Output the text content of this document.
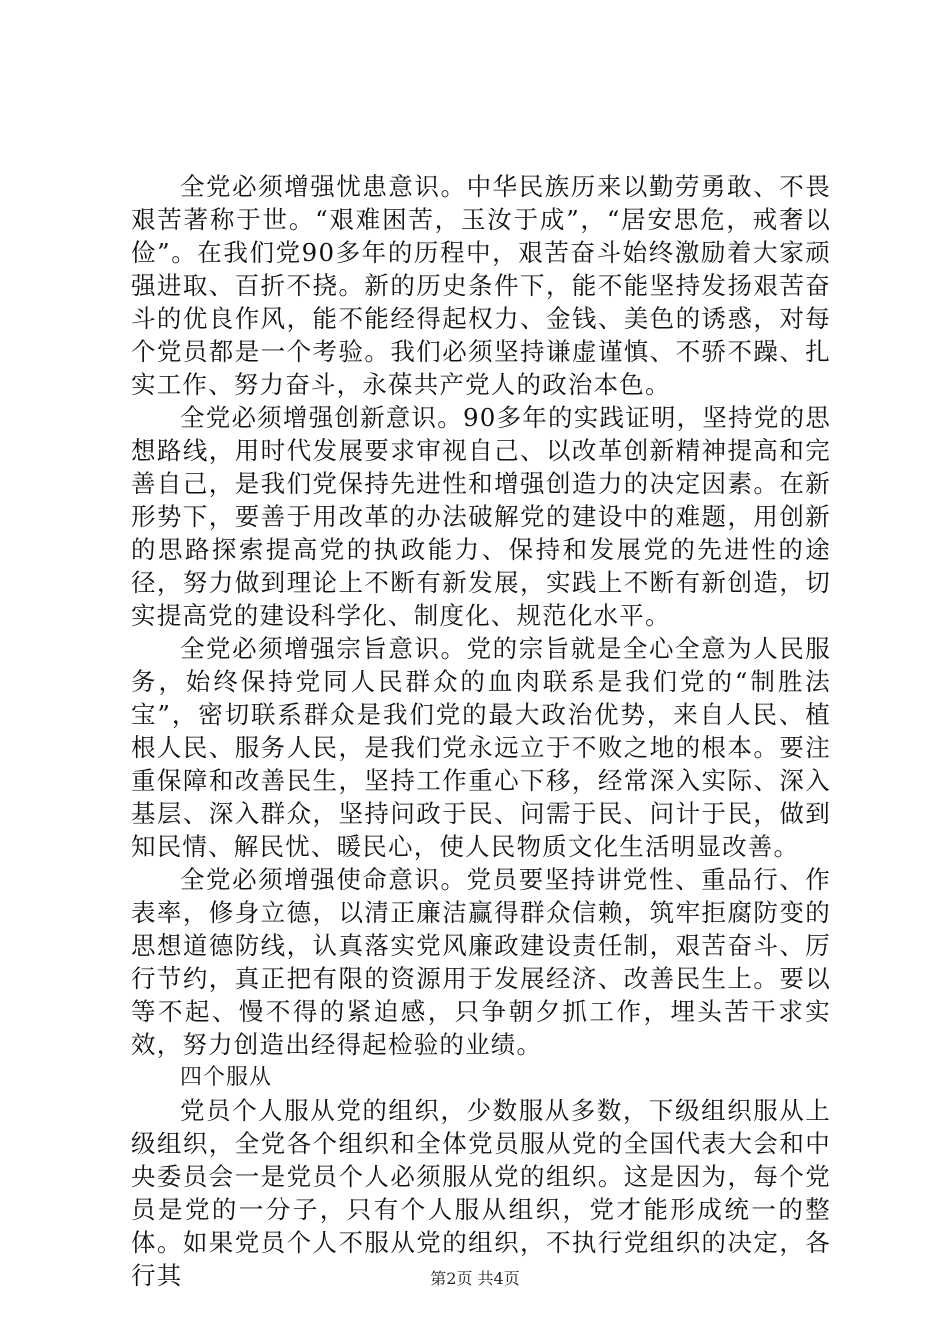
全党必须增强忧患意识。中华民族历来以勤劳勇敢、不畏艰苦著称于世。“艰难困苦，玉汝于成”，“居安思危，戒奢以俭”。在我们党90多年的历程中，艰苦奋斗始终激励着大家顽强进取、百折不挠。新的历史条件下，能不能坚持发扬艰苦奋斗的优良作风，能不能经得起权力、金钱、美色的诱惑，对每个党员都是一个考验。我们必须坚持谦虚谨慎、不骄不躁、扎实工作、努力奋斗，永葆共产党人的政治本色。

全党必须增强创新意识。90多年的实践证明，坚持党的思想路线，用时代发展要求审视自己、以改革创新精神提高和完善自己，是我们党保持先进性和增强创造力的决定因素。在新形势下，要善于用改革的办法破解党的建设中的难题，用创新的思路探索提高党的执政能力、保持和发展党的先进性的途径，努力做到理论上不断有新发展，实践上不断有新创造，切实提高党的建设科学化、制度化、规范化水平。

全党必须增强宗旨意识。党的宗旨就是全心全意为人民服务，始终保持党同人民群众的血肉联系是我们党的“制胜法宝”，密切联系群众是我们党的最大政治优势，来自人民、植根人民、服务人民，是我们党永远立于不败之地的根本。要注重保障和改善民生，坚持工作重心下移，经常深入实际、深入基层、深入群众，坚持问政于民、问需于民、问计于民，做到知民情、解民忧、暖民心，使人民物质文化生活明显改善。

全党必须增强使命意识。党员要坚持讲党性、重品行、作表率，修身立德，以清正廉洁赢得群众信赖，筑牢拒腐防变的思想道德防线，认真落实党风廉政建设责任制，艰苦奋斗、厉行节约，真正把有限的资源用于发展经济、改善民生上。要以等不起、慢不得的紧迫感，只争朝夕抓工作，埋头苦干求实效，努力创造出经得起检验的业绩。

四个服从

党员个人服从党的组织，少数服从多数，下级组织服从上级组织，全党各个组织和全体党员服从党的全国代表大会和中央委员会一是党员个人必须服从党的组织。这是因为，每个党员是党的一分子，只有个人服从组织，党才能形成统一的整体。如果党员个人不服从党的组织，不执行党组织的决定，各行其	第2页 共4页
